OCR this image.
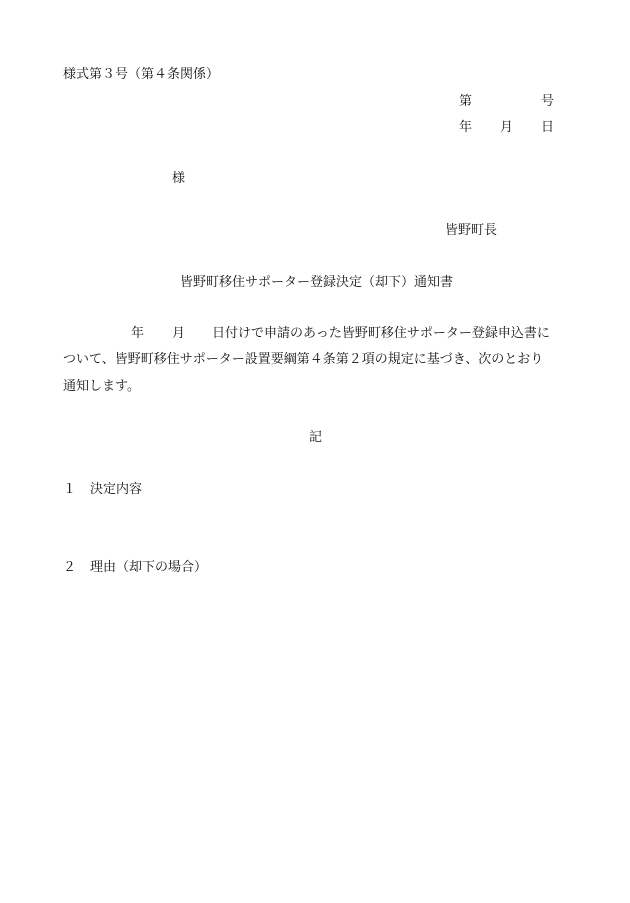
様式第３号（第４条関係）
第	号
年 月 日
様
皆野町長
皆野町移住サポーター登録決定（却下）通知書
年 月 日付けで申請のあった皆野町移住サポーター登録申込書に
ついて、皆野町移住サポーター設置要綱第４条第２項の規定に基づき、次のとおり
通知します。
記
１ 決定内容
２ 理由（却下の場合）
